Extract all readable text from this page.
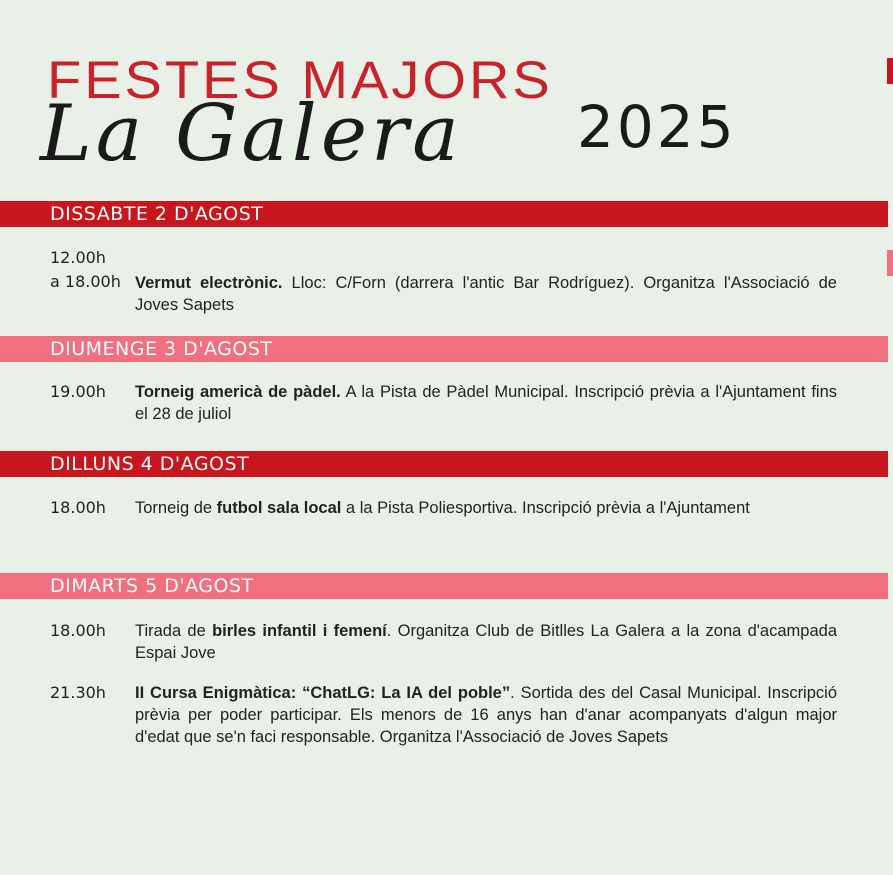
FESTES MAJORS
La Galera 2025
DISSABTE 2 D'AGOST
12.00h
a 18.00h Vermut electrònic. Lloc: C/Forn (darrera l'antic Bar Rodríguez). Organitza l'Associació de Joves Sapets
DIUMENGE 3 D'AGOST
19.00h Torneig americà de pàdel. A la Pista de Pàdel Municipal. Inscripció prèvia a l'Ajuntament fins el 28 de juliol
DILLUNS 4 D'AGOST
18.00h Torneig de futbol sala local a la Pista Poliesportiva. Inscripció prèvia a l'Ajuntament
DIMARTS 5 D'AGOST
18.00h Tirada de birles infantil i femení. Organitza Club de Bitlles La Galera a la zona d'acampada Espai Jove
21.30h II Cursa Enigmàtica: “ChatLG: La IA del poble”. Sortida des del Casal Municipal. Inscripció prèvia per poder participar. Els menors de 16 anys han d'anar acompanyats d'algun major d'edat que se'n faci responsable. Organitza l'Associació de Joves Sapets
